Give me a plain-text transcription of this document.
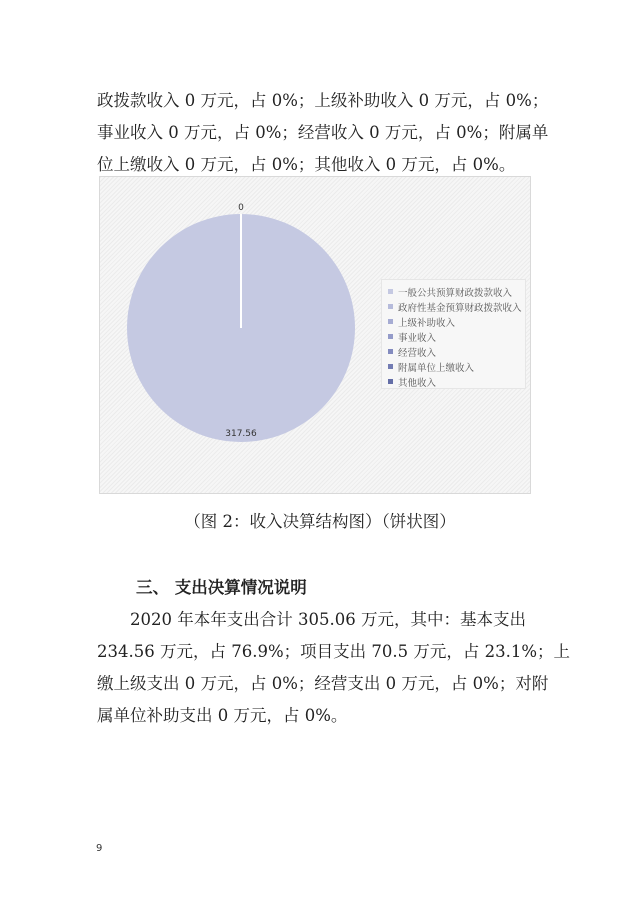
政拨款收入 0 万元，占 0%；上级补助收入 0 万元，占 0%；
事业收入 0 万元，占 0%；经营收入 0 万元，占 0%；附属单
位上缴收入 0 万元，占 0%；其他收入 0 万元，占 0%。
317.56
0
一般公共预算财政拨款收入
政府性基金预算财政拨款收入
上级补助收入
事业收入
经营收入
附属单位上缴收入
其他收入
（图 2：收入决算结构图）（饼状图）
三、 支出决算情况说明
2020 年本年支出合计 305.06 万元，其中：基本支出
234.56 万元，占 76.9%；项目支出 70.5 万元，占 23.1%；上
缴上级支出 0 万元，占 0%；经营支出 0 万元，占 0%；对附
属单位补助支出 0 万元，占 0%。
9
